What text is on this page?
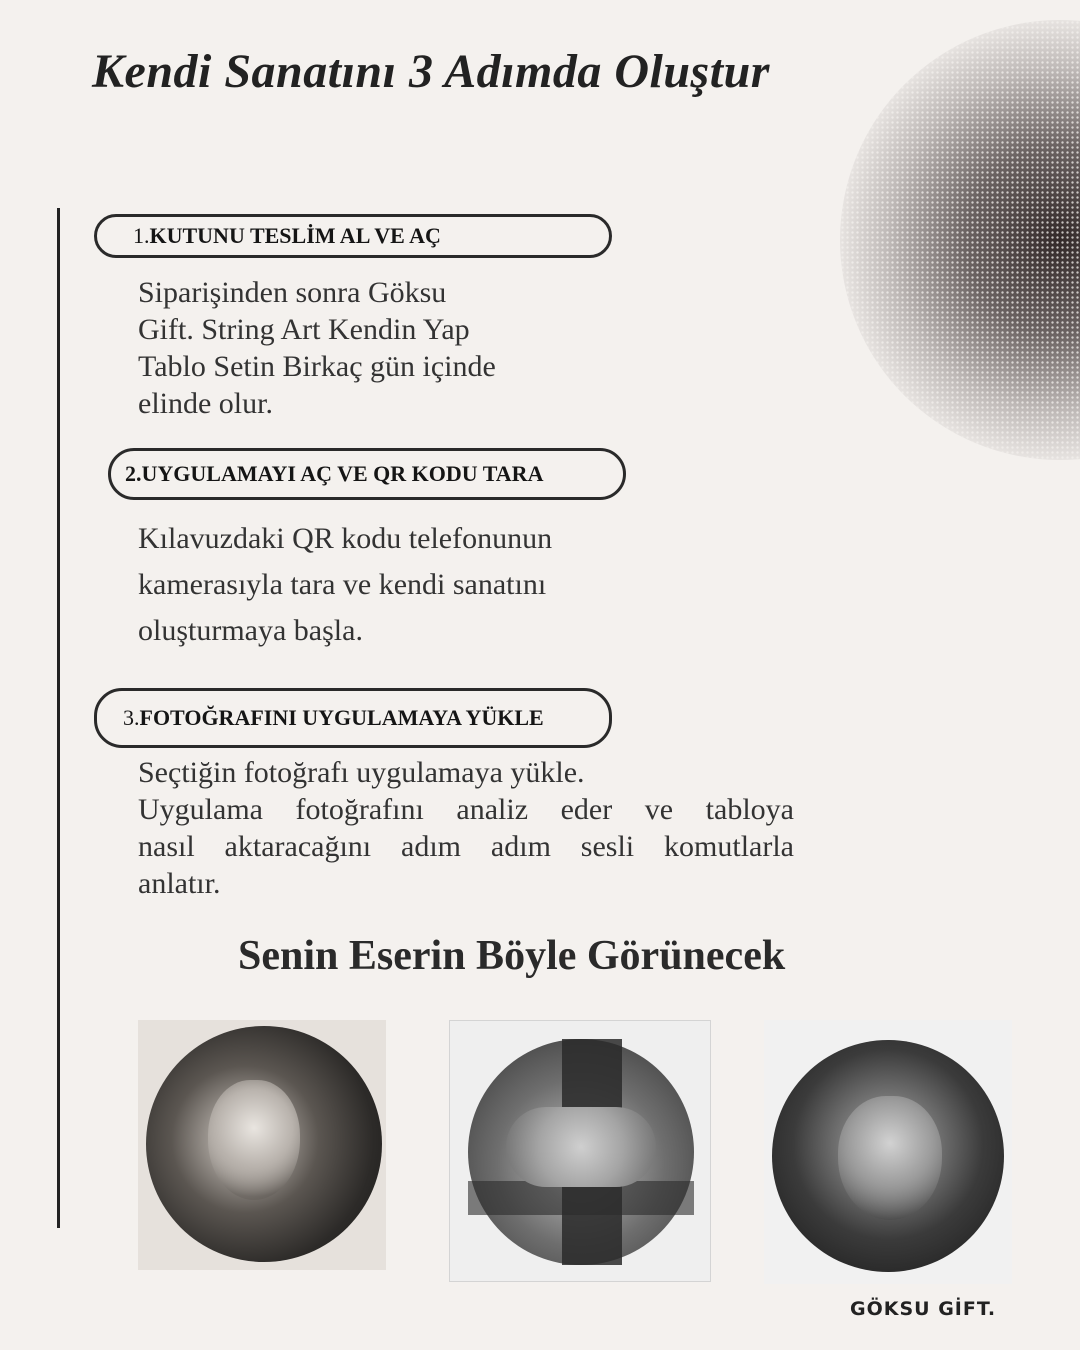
Kendi Sanatını 3 Adımda Oluştur
1. KUTUNU TESLİM AL VE AÇ

Siparişinden sonra Göksu
Gift. String Art Kendin Yap
Tablo Setin Birkaç gün içinde
elinde olur.

2. UYGULAMAYI AÇ VE QR KODU TARA

Kılavuzdaki QR kodu telefonunun
kamerasıyla tara ve kendi sanatını
oluşturmaya başla.

3. FOTOĞRAFINI UYGULAMAYA YÜKLE

Seçtiğin fotoğrafı uygulamaya yükle.
Uygulama fotoğrafını analiz eder ve tabloya
nasıl aktaracağını adım adım sesli komutlarla
anlatır.

Senin Eserin Böyle Görünecek

GÖKSU GİFT.
